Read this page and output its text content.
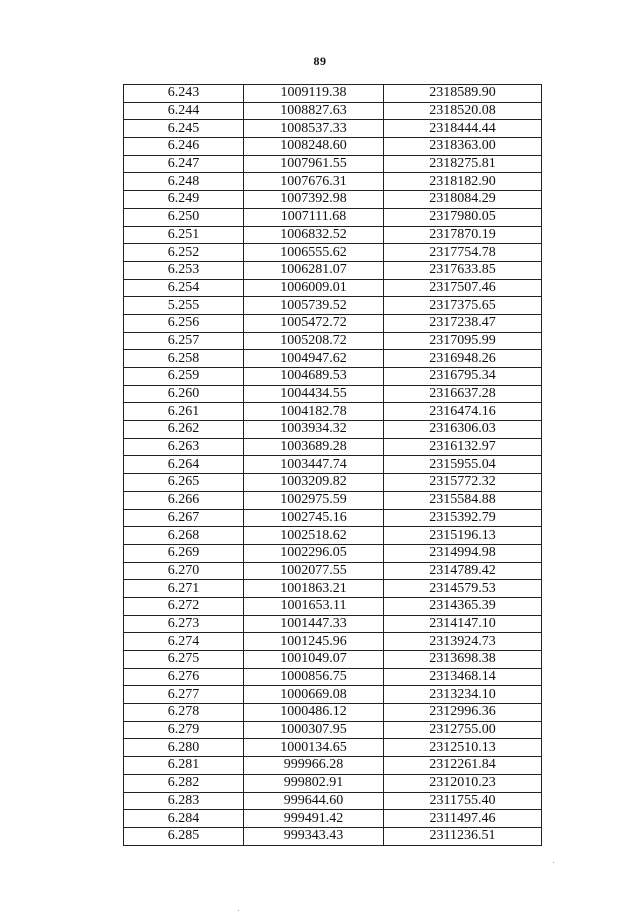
89
6.243	1009119.38	2318589.90
6.244	1008827.63	2318520.08
6.245	1008537.33	2318444.44
6.246	1008248.60	2318363.00
6.247	1007961.55	2318275.81
6.248	1007676.31	2318182.90
6.249	1007392.98	2318084.29
6.250	1007111.68	2317980.05
6.251	1006832.52	2317870.19
6.252	1006555.62	2317754.78
6.253	1006281.07	2317633.85
6.254	1006009.01	2317507.46
5.255	1005739.52	2317375.65
6.256	1005472.72	2317238.47
6.257	1005208.72	2317095.99
6.258	1004947.62	2316948.26
6.259	1004689.53	2316795.34
6.260	1004434.55	2316637.28
6.261	1004182.78	2316474.16
6.262	1003934.32	2316306.03
6.263	1003689.28	2316132.97
6.264	1003447.74	2315955.04
6.265	1003209.82	2315772.32
6.266	1002975.59	2315584.88
6.267	1002745.16	2315392.79
6.268	1002518.62	2315196.13
6.269	1002296.05	2314994.98
6.270	1002077.55	2314789.42
6.271	1001863.21	2314579.53
6.272	1001653.11	2314365.39
6.273	1001447.33	2314147.10
6.274	1001245.96	2313924.73
6.275	1001049.07	2313698.38
6.276	1000856.75	2313468.14
6.277	1000669.08	2313234.10
6.278	1000486.12	2312996.36
6.279	1000307.95	2312755.00
6.280	1000134.65	2312510.13
6.281	999966.28	2312261.84
6.282	999802.91	2312010.23
6.283	999644.60	2311755.40
6.284	999491.42	2311497.46
6.285	999343.43	2311236.51
